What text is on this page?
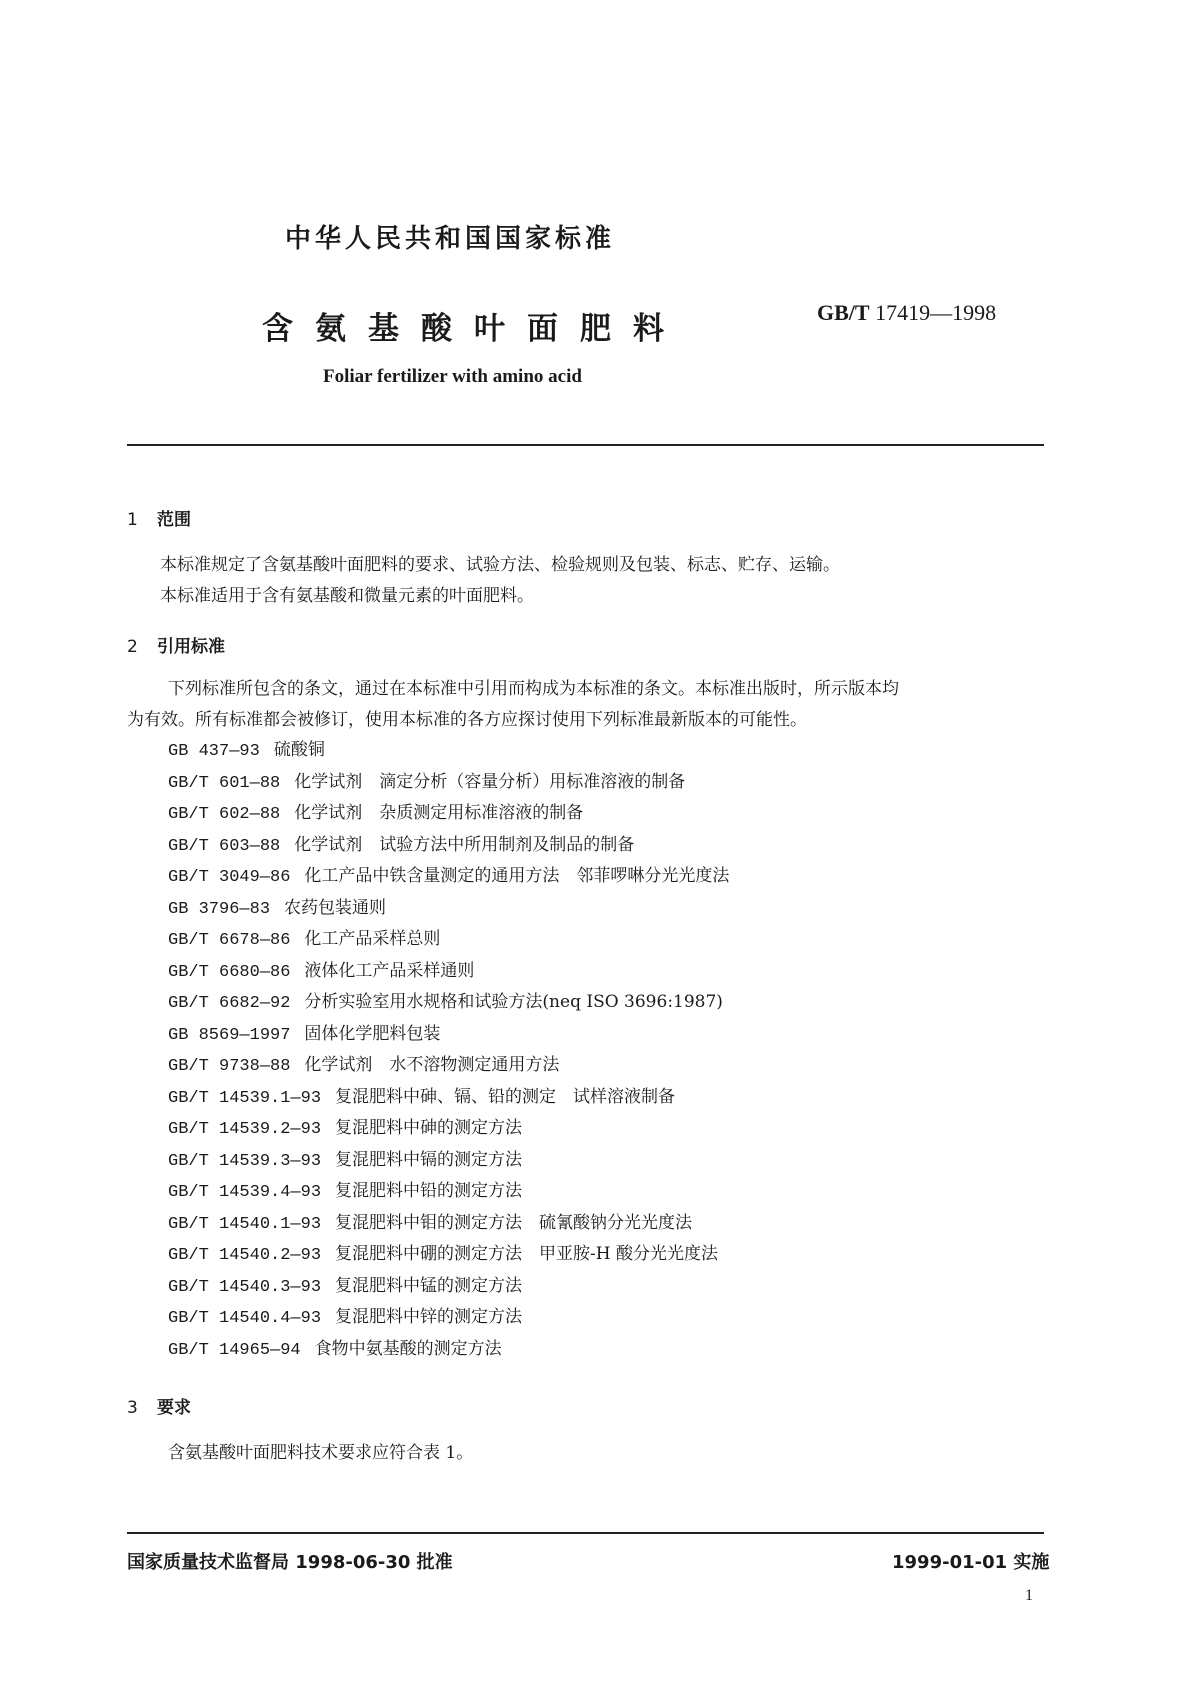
中华人民共和国国家标准
含氨基酸叶面肥料	GB/T 17419—1998
Foliar fertilizer with amino acid
1 范围
本标准规定了含氨基酸叶面肥料的要求、试验方法、检验规则及包装、标志、贮存、运输。
本标准适用于含有氨基酸和微量元素的叶面肥料。
2 引用标准
下列标准所包含的条文，通过在本标准中引用而构成为本标准的条文。本标准出版时，所示版本均
为有效。所有标准都会被修订，使用本标准的各方应探讨使用下列标准最新版本的可能性。
GB 437—93 硫酸铜
GB/T 601—88 化学试剂　滴定分析（容量分析）用标准溶液的制备
GB/T 602—88 化学试剂　杂质测定用标准溶液的制备
GB/T 603—88 化学试剂　试验方法中所用制剂及制品的制备
GB/T 3049—86 化工产品中铁含量测定的通用方法　邻菲啰啉分光光度法
GB 3796—83 农药包装通则
GB/T 6678—86 化工产品采样总则
GB/T 6680—86 液体化工产品采样通则
GB/T 6682—92 分析实验室用水规格和试验方法(neq ISO 3696:1987)
GB 8569—1997 固体化学肥料包装
GB/T 9738—88 化学试剂　水不溶物测定通用方法
GB/T 14539.1—93 复混肥料中砷、镉、铅的测定　试样溶液制备
GB/T 14539.2—93 复混肥料中砷的测定方法
GB/T 14539.3—93 复混肥料中镉的测定方法
GB/T 14539.4—93 复混肥料中铅的测定方法
GB/T 14540.1—93 复混肥料中钼的测定方法　硫氰酸钠分光光度法
GB/T 14540.2—93 复混肥料中硼的测定方法　甲亚胺-H 酸分光光度法
GB/T 14540.3—93 复混肥料中锰的测定方法
GB/T 14540.4—93 复混肥料中锌的测定方法
GB/T 14965—94 食物中氨基酸的测定方法
3 要求
含氨基酸叶面肥料技术要求应符合表 1。
国家质量技术监督局 1998-06-30 批准	1999-01-01 实施
1
